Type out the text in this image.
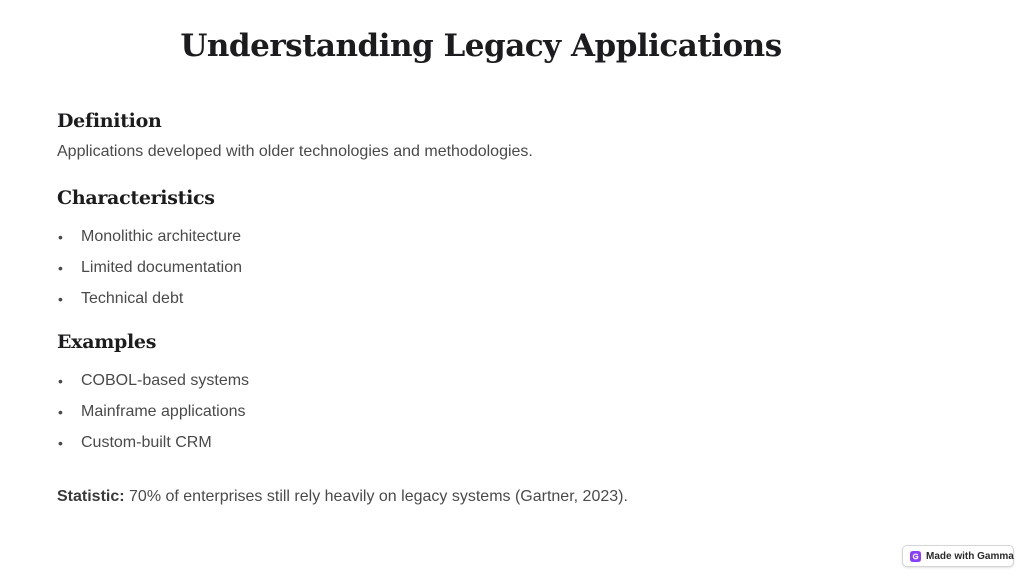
Understanding Legacy Applications
Definition

Applications developed with older technologies and methodologies.

Characteristics
• Monolithic architecture
• Limited documentation
• Technical debt
Examples
• COBOL-based systems
• Mainframe applications
• Custom-built CRM

Statistic: 70% of enterprises still rely heavily on legacy systems (Gartner, 2023).

Made with Gamma
